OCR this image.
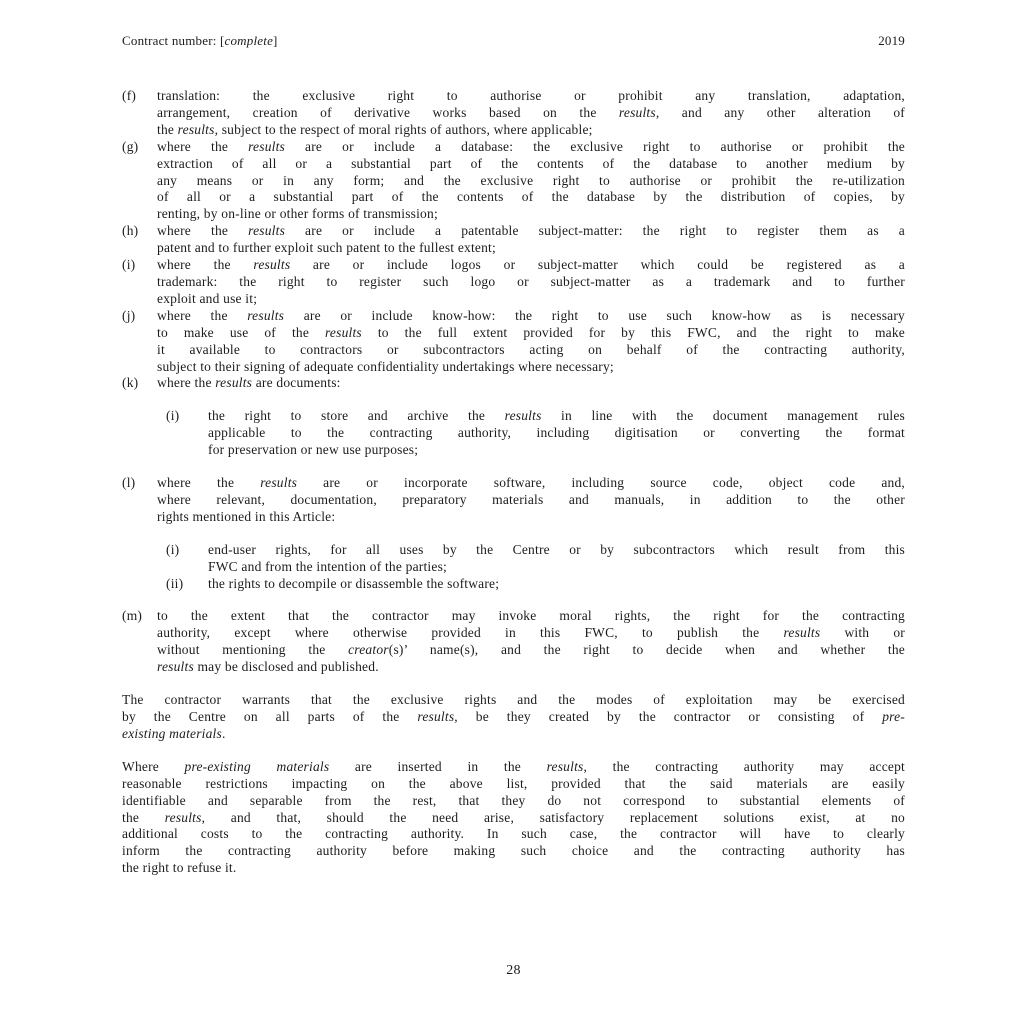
Contract number: [complete]	2019
(f) translation: the exclusive right to authorise or prohibit any translation, adaptation,
arrangement, creation of derivative works based on the results, and any other alteration of
the results, subject to the respect of moral rights of authors, where applicable;
(g) where the results are or include a database: the exclusive right to authorise or prohibit the
extraction of all or a substantial part of the contents of the database to another medium by
any means or in any form; and the exclusive right to authorise or prohibit the re-utilization
of all or a substantial part of the contents of the database by the distribution of copies, by
renting, by on-line or other forms of transmission;
(h) where the results are or include a patentable subject-matter: the right to register them as a
patent and to further exploit such patent to the fullest extent;
(i) where the results are or include logos or subject-matter which could be registered as a
trademark: the right to register such logo or subject-matter as a trademark and to further
exploit and use it;
(j) where the results are or include know-how: the right to use such know-how as is necessary
to make use of the results to the full extent provided for by this FWC, and the right to make
it available to contractors or subcontractors acting on behalf of the contracting authority,
subject to their signing of adequate confidentiality undertakings where necessary;
(k) where the results are documents:
(i) the right to store and archive the results in line with the document management rules
applicable to the contracting authority, including digitisation or converting the format
for preservation or new use purposes;
(l) where the results are or incorporate software, including source code, object code and,
where relevant, documentation, preparatory materials and manuals, in addition to the other
rights mentioned in this Article:
(i) end-user rights, for all uses by the Centre or by subcontractors which result from this
FWC and from the intention of the parties;
(ii) the rights to decompile or disassemble the software;
(m) to the extent that the contractor may invoke moral rights, the right for the contracting
authority, except where otherwise provided in this FWC, to publish the results with or
without mentioning the creator(s)’ name(s), and the right to decide when and whether the
results may be disclosed and published.
The contractor warrants that the exclusive rights and the modes of exploitation may be exercised
by the Centre on all parts of the results, be they created by the contractor or consisting of pre-
existing materials.
Where pre-existing materials are inserted in the results, the contracting authority may accept
reasonable restrictions impacting on the above list, provided that the said materials are easily
identifiable and separable from the rest, that they do not correspond to substantial elements of
the results, and that, should the need arise, satisfactory replacement solutions exist, at no
additional costs to the contracting authority. In such case, the contractor will have to clearly
inform the contracting authority before making such choice and the contracting authority has
the right to refuse it.
28
